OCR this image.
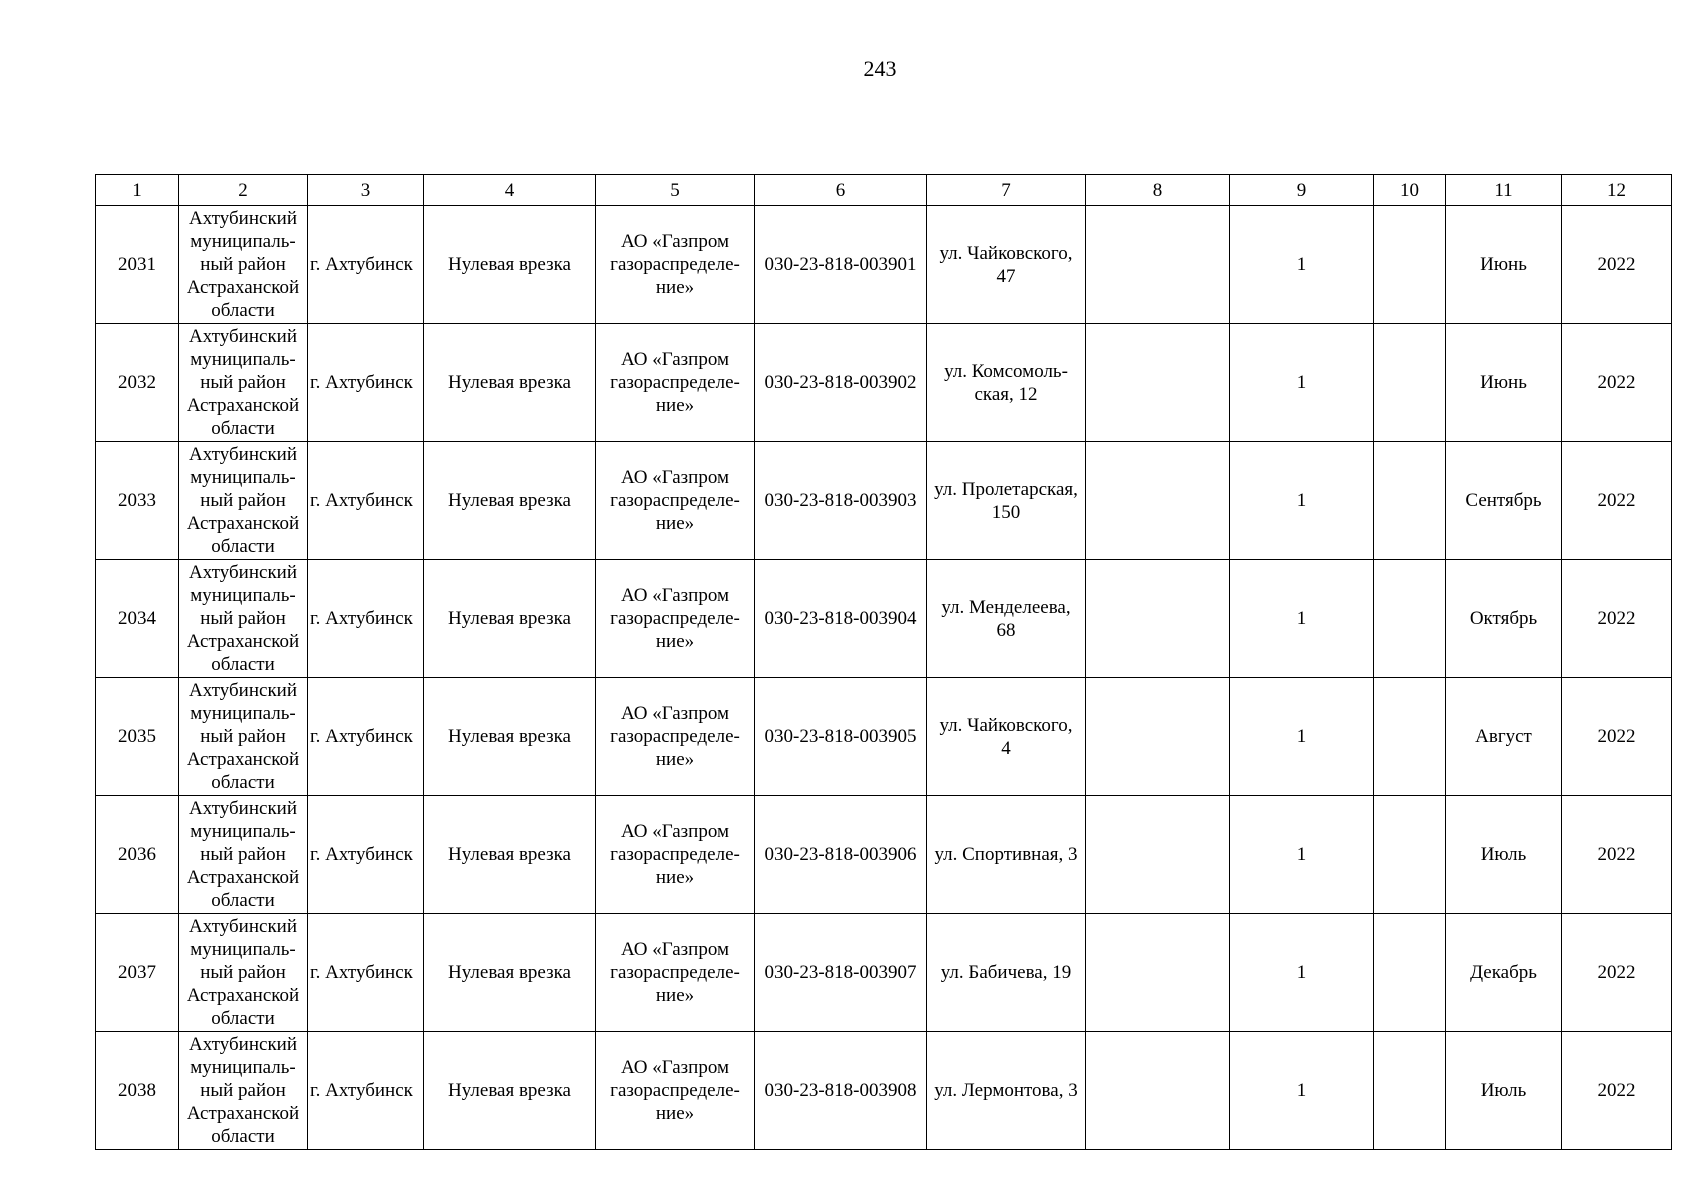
243
1	2	3	4	5	6	7	8	9	10	11	12
2031	Ахтубинский
муниципаль-
ный район
Астраханской
области	г. Ахтубинск	Нулевая врезка	АО «Газпром
газораспределе-
ние»	030-23-818-003901	ул. Чайковского,
47		1		Июнь	2022
2032	Ахтубинский
муниципаль-
ный район
Астраханской
области	г. Ахтубинск	Нулевая врезка	АО «Газпром
газораспределе-
ние»	030-23-818-003902	ул. Комсомоль-
ская, 12		1		Июнь	2022
2033	Ахтубинский
муниципаль-
ный район
Астраханской
области	г. Ахтубинск	Нулевая врезка	АО «Газпром
газораспределе-
ние»	030-23-818-003903	ул. Пролетарская,
150		1		Сентябрь	2022
2034	Ахтубинский
муниципаль-
ный район
Астраханской
области	г. Ахтубинск	Нулевая врезка	АО «Газпром
газораспределе-
ние»	030-23-818-003904	ул. Менделеева,
68		1		Октябрь	2022
2035	Ахтубинский
муниципаль-
ный район
Астраханской
области	г. Ахтубинск	Нулевая врезка	АО «Газпром
газораспределе-
ние»	030-23-818-003905	ул. Чайковского,
4		1		Август	2022
2036	Ахтубинский
муниципаль-
ный район
Астраханской
области	г. Ахтубинск	Нулевая врезка	АО «Газпром
газораспределе-
ние»	030-23-818-003906	ул. Спортивная, 3		1		Июль	2022
2037	Ахтубинский
муниципаль-
ный район
Астраханской
области	г. Ахтубинск	Нулевая врезка	АО «Газпром
газораспределе-
ние»	030-23-818-003907	ул. Бабичева, 19		1		Декабрь	2022
2038	Ахтубинский
муниципаль-
ный район
Астраханской
области	г. Ахтубинск	Нулевая врезка	АО «Газпром
газораспределе-
ние»	030-23-818-003908	ул. Лермонтова, 3		1		Июль	2022
